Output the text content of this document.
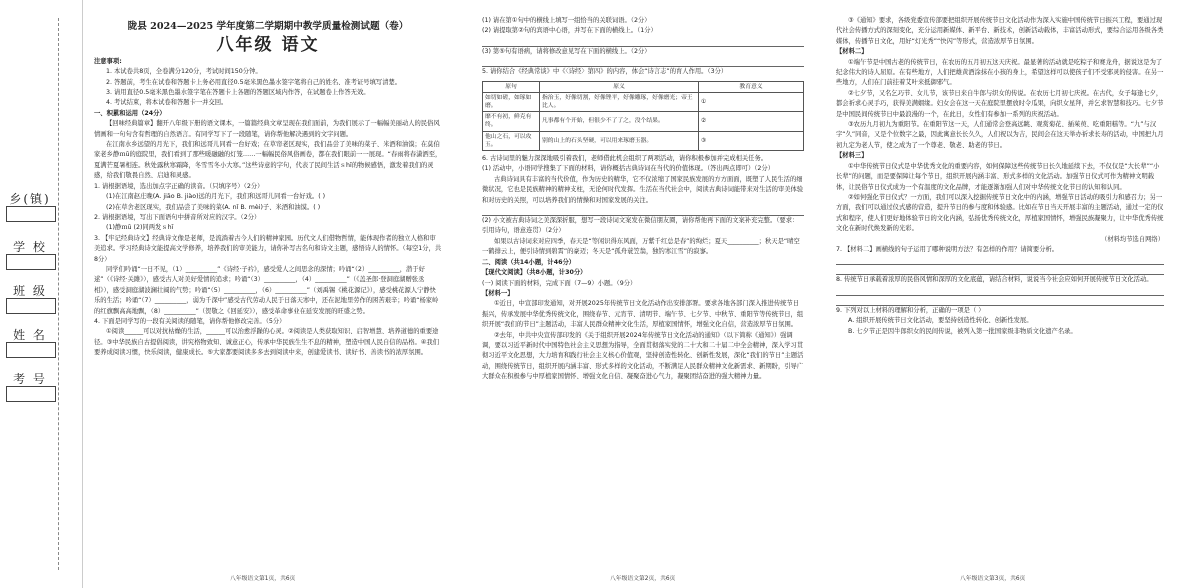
乡(镇)
学 校
班 级
姓 名
考 号
陇县 2024—2025 学年度第二学期期中教学质量检测试题（卷）
八年级 语文

注意事项:

1. 本试卷共8页，全卷满分120分，考试时间150分钟。

2. 答题前，考生在试卷和答题卡上务必用直径0.5毫米黑色墨水签字笔将自己的姓名、准考证号填写清楚。

3. 请用直径0.5毫米黑色墨水签字笔在答题卡上各题的答题区域内作答，在试题卷上作答无效。

4. 考试结束，将本试卷和答题卡一并交回。

一、积累和运用（24分）

【回味经典篇章】翻开八年级下册的语文课本，一篇篇经典文章呈现在我们面前，为我们展示了一幅幅美丽动人的民俗风情画和一句句含有哲理的自然语言。有同学写下了一段随笔，请你帮他解决遇到的文字问题。

在江南水乡远望的月光下，我们和远哥儿同看一台好戏；在草帘老区现实，我们品尝了美味的菜子、米酒和油馍；在莫伯家老乡静ｍū的庭院里，我们看到了那些暖融融的灯笼……一幅幅民俗风俗画卷，都在我们眼前一一展现。“春雨将春潇洒至，夏满芒夏暑相连。秋处露秋寒霜降，冬雪雪冬小大寒。”这些诗意的字句，代表了民间生活ｓhī的物候感悟，激发着我们的灵感，给我们敬畏自然、启迪和灵感。

1. 请根据语境，选出加点字正确的读音。（只填序号）（2分）

(1)在江南赵庄晚(A. jiāo B. jiào)远的月光下，我们和远哥儿同看一台好戏。( )

(2)在草舍老区现实，我们品尝了美味的菜(A. nǐ B. mèi)子、米酒和油馍。( )

2. 请根据语境，写出下面语句中拼音所对应的汉字。（2分）

(1)静ｍū (2)同两发ｓhī

3. 【牢记经典诗文】经典诗文像是老师，是流淌着古今人们的精神家园。历代文人们借物哲情，能体现作者的独立人格和审美追求。学习经典诗文能提高文学修养，培养我们的审美能力，请你补写古名句和诗文主题，感悟诗人的情怀。（每空1分，共8分）

同学们吟诵“一日不见，（1）__________”《诗经·子衿》，感受爱人之间思念的深情；吟诵“（2）__________，潜于好逑”（《诗经·关雎》），感受古人对美好爱情的追求；吟诵“（3）__________，（4）__________”（《盖圣郎·登洞庭湖赠张丞相》），感受洞庭湖波澜壮阔的气势；吟诵“（5）__________，（6）__________”（刘禹锡《桃花源记》），感受桃花源人宁静快乐的生活；吟诵“（7）__________，弱为千深中”感受古代劳动人民于日落天寒中，还在泥地里劳作的困苦艰辛；吟诵“杨家岭的红旗飘高高地飘，（8）__________”（贺敬之《回延安》），感受革命事业在延安发展的旺盛之势。

4. 下面是同学写的一段有关阅读的随笔，请你帮他修改完善。（5分）

①阅读______可以对抗枯燥的生活，______可以治愈浮躁的心灵。②阅读是人类获取知识、启智增慧、培养道德的重要途径。③中华民族自古提倡阅读，讲究格物致知、诚意正心，传承中华民族生生不息的精神，塑造中国人民自信的品格。④我们要养成阅读习惯，快乐阅读，健康成长。⑤大家都要阅读多多去到阅读中来，创建爱读书、读好书、善读书的浓厚氛围。

(1) 请在第①句中的横线上填写一组恰当的关联词语。（2分）

(2) 请提取第②句的宾语中心语，并写在下面的横线上。（1分）

(3) 第⑤句有语病，请将修改意见写在下面的横线上。（2分）

5. 请你结合《经典常谈》中《〈诗经〉第四》的内容，体会“诗言志”的育人作用。（3分）

原句	原义	教育意义
如切如磋，如琢如磨。	指治玉，好像切割，好像锉平，好像雕琢，好像磨光；帝王比人。	①
靡不有初，鲜克有终。	凡事都有个开始，但很少不了了之，没个结果。	②
他山之石，可以攻玉。	别的山上的石头坚硬，可以用来琢磨玉器。	③

6. 古诗词里的魅力深深地吸引着我们，老师借此机会组织了两项活动，请你积极参加并完成相关任务。

(1) 活动中，小语同学搜集了下面的材料，请你概括古典诗词在当代的价值体现。（答出两点即可）（2分）

古典诗词具有丰富的当代价值，作为历史的精华，它不仅浓缩了国家民族发展的方方面面，既塑了人民生活的细微状况，它也是民族精神的精神支柱，无论何时代发挥。生活在当代社会中，阅读古典诗词能带来对生活的审美体验和对历史的关照，可以培养我们的情操和对国家发展的关注。

(2) 小文被古典诗词之美深深折服，想写一段诗词文案发在微信朋友圈，请你帮他再下面的文案补充完整。（要求：引用诗句，语意连贯）（2分）

如果以古诗词来对应四季，春天是“等闲识得东风面，万紫千红总是春”的绚烂；夏天__________；秋天是“晴空一鹤排云上，便引诗情到碧霄”的豪迈；冬天是“孤舟蓑笠翁，独钓寒江雪”的寂寥。

二、阅读（共14小题，计46分）

【现代文阅读】（共8小题，计30分）

(一) 阅读下面的材料，完成下面（7—9）小题。（9分）

【材料一】

①近日，中宣部印发通知，对开展2025年传统节日文化活动作出安排部署。要求各地各部门深入推进传统节日振兴，传承发展中华优秀传统文化，围绕春节、元宵节、清明节、端午节、七夕节、中秋节、重阳节等传统节日，组织开展“我们的节日”主题活动，丰富人民群众精神文化生活，厚植家国情怀，增强文化自信，营造浓厚节日氛围。

②去年，中共中央宣传部印发的《关于组织开展2024年传统节日文化活动的通知》（以下简称《通知》）强调调，要以习近平新时代中国特色社会主义思想为指导，全面贯彻落实党的二十大和二十届二中全会精神，深入学习贯彻习近平文化思想，大力培育和践行社会主义核心价值观，坚持创造性转化、创新性发展，深化“我们的节日”主题活动，围绕传统节日，组织开展内涵丰富、形式多样的文化活动，不断满足人民群众精神文化新需求、新期盼，引导广大群众在积极参与中厚植家国情怀、增强文化自信、凝聚奋进心气力，凝聚团结奋进的强大精神力量。

③《通知》要求，各级党委宣传部要把组织开展传统节日文化活动作为深入实施中国传统节日振兴工程，要通过现代社会传播方式的深刻变化，充分运用新媒体、新平台、新技术，创新活动载体，丰富活动形式，要综合运用各级各类媒体，传播节日文化，用好“灯光秀”“快闪”等形式，营造浓厚节日氛围。

【材料二】

①端午节是中国古老的传统节日，在农历的五月初五这天庆祝。最显著的活动就是吃粽子和赛龙舟，据说这是为了纪念伟大的诗人屈原。在有些地方，人们把雄黄酒涂抹在小孩的身上，希望这样可以使孩子们不受邪灵的侵害。在另一些地方，人们在门前挂着艾叶来抵御邪气。

②七夕节，又名乞巧节、女儿节，该节日来自牛郎与织女的传说。在农历七月初七庆祝。在古代，女子每逢七夕，都会祈求心灵手巧，获得美满姻缘。妇女会在这一天在庭院里摆放时令瓜果，向织女星拜，并乞求智慧和技巧。七夕节是中国民间传统节日中最浪漫的一个，在此日，女性们有参加一系列的庆祝活动。

③农历九月初九为重阳节。在重阳节这一天，人们通常会登高远眺、观赏菊花、插茱萸、吃重阳糕等。“九”与汉字“久”同音，又是个位数字之最，因此寓意长长久久，人们祝以为吉，民间会在这天举办祈求长寿的活动，中国把九月初九定为老人节，使之成为了一个尊老、敬老、助老的节日。

【材料三】

①中华传统节日仪式是中华优秀文化的重要内容，如何保障这些传统节日长久地延续下去，不仅仅是“大长辈”“小长辈”的问题，而是要保障让每个节日，组织开展内涵丰富、形式多样的文化活动。加强节日仪式可作为精神文明载体，让民俗节日仪式成为一个有温度的文化品牌，才能逐渐加强人们对中华传统文化节日的认知和认同。

②如何强化节日仪式？一方面，我们可以深入挖掘传统节日文化中的内涵，增强节日活动的吸引力和感召力；另一方面，我们可以通过仪式感的营造，提升节日的参与度和体验感。比如在节日当天开展丰富的主题活动，通过一定的仪式和程序，使人们更好地体验节日的文化内涵，弘扬优秀传统文化，厚植家国情怀，增强民族凝聚力，让中华优秀传统文化在新时代焕发新的光彩。

（材料均节选自网络）

7. 【材料二】画横线的句子运用了哪种说明方法？有怎样的作用？请简要分析。

8. 传统节日承载着浓厚的民俗风情和深厚的文化底蕴，请结合材料，说说当今社会应如何开展传统节日文化活动。

9. 下列对以上材料的理解和分析，正确的一项是（ ）

A. 组织开展传统节日文化活动，要坚持创造性转化、创新性发展。

B. 七夕节正是因牛郎织女的民间传说，被列入第一批国家级非物质文化遗产名录。

八年级语文第1页，共6页	八年级语文第2页，共6页	八年级语文第3页，共6页
